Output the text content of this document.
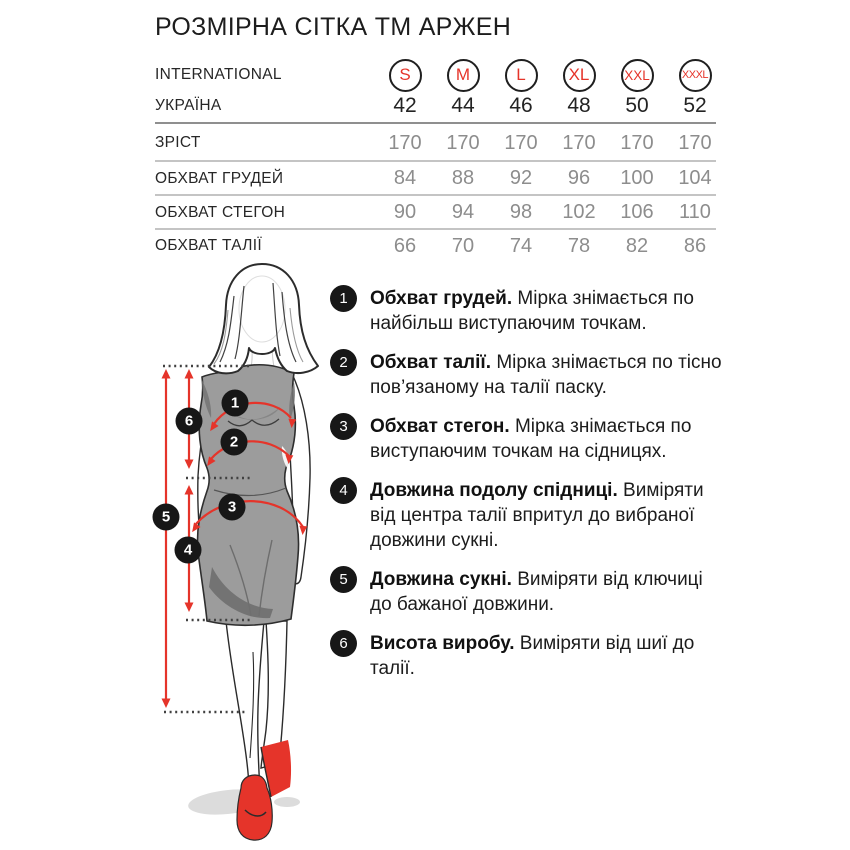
РОЗМІРНА СІТКА ТМ АРЖЕН
INTERNATIONAL	S	M	L	XL	XXL	XXXL
УКРАЇНА	42	44	46	48	50	52
ЗРІСТ	170	170	170	170	170	170
ОБХВАТ ГРУДЕЙ	84	88	92	96	100	104
ОБХВАТ СТЕГОН	90	94	98	102	106	110
ОБХВАТ ТАЛІЇ	66	70	74	78	82	86
1
2
3
4
5
6
1	Обхват грудей. Мірка знімається по найбільш виступаючим точкам.

2	Обхват талії. Мірка знімається по тісно пов’язаному на талії паску.

3	Обхват стегон. Мірка знімається по виступаючим точкам на сідницях.

4	Довжина подолу спідниці. Виміряти від центра талії впритул до вибраної довжини сукні.

5	Довжина сукні. Виміряти від ключиці до бажаної довжини.

6	Висота виробу. Виміряти від шиї до талії.
